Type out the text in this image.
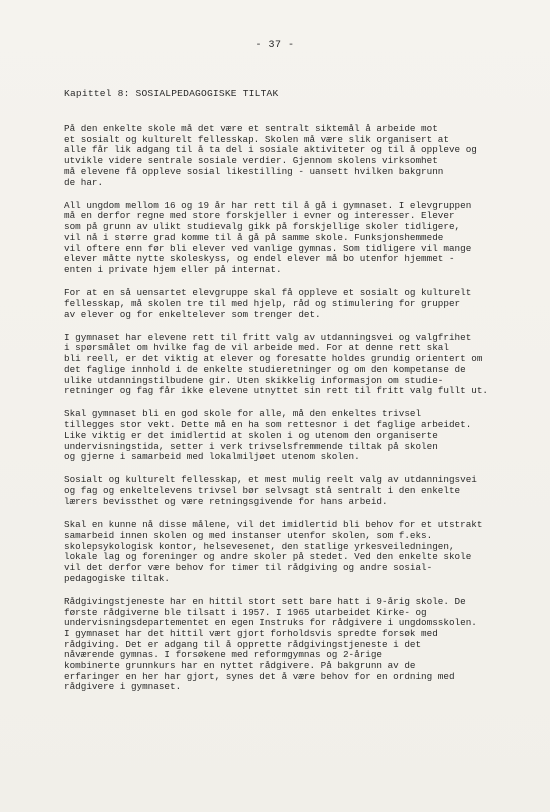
- 37 -
Kapittel 8: SOSIALPEDAGOGISKE TILTAK

På den enkelte skole må det være et sentralt siktemål å arbeide mot
et sosialt og kulturelt fellesskap. Skolen må være slik organisert at
alle får lik adgang til å ta del i sosiale aktiviteter og til å oppleve og
utvikle videre sentrale sosiale verdier. Gjennom skolens virksomhet
må elevene få oppleve sosial likestilling - uansett hvilken bakgrunn
de har.

All ungdom mellom 16 og 19 år har rett til å gå i gymnaset. I elevgruppen
må en derfor regne med store forskjeller i evner og interesser. Elever
som på grunn av ulikt studievalg gikk på forskjellige skoler tidligere,
vil nå i større grad komme til å gå på samme skole. Funksjonshemmede
vil oftere enn før bli elever ved vanlige gymnas. Som tidligere vil mange
elever måtte nytte skoleskyss, og endel elever må bo utenfor hjemmet -
enten i private hjem eller på internat.

For at en så uensartet elevgruppe skal få oppleve et sosialt og kulturelt
fellesskap, må skolen tre til med hjelp, råd og stimulering for grupper
av elever og for enkeltelever som trenger det.

I gymnaset har elevene rett til fritt valg av utdanningsvei og valgfrihet
i spørsmålet om hvilke fag de vil arbeide med. For at denne rett skal
bli reell, er det viktig at elever og foresatte holdes grundig orientert om
det faglige innhold i de enkelte studieretninger og om den kompetanse de
ulike utdanningstilbudene gir. Uten skikkelig informasjon om studie-
retninger og fag får ikke elevene utnyttet sin rett til fritt valg fullt ut.

Skal gymnaset bli en god skole for alle, må den enkeltes trivsel
tillegges stor vekt. Dette må en ha som rettesnor i det faglige arbeidet.
Like viktig er det imidlertid at skolen i og utenom den organiserte
undervisningstida, setter i verk trivselsfremmende tiltak på skolen
og gjerne i samarbeid med lokalmiljøet utenom skolen.

Sosialt og kulturelt fellesskap, et mest mulig reelt valg av utdanningsvei
og fag og enkeltelevens trivsel bør selvsagt stå sentralt i den enkelte
lærers bevissthet og være retningsgivende for hans arbeid.

Skal en kunne nå disse målene, vil det imidlertid bli behov for et utstrakt
samarbeid innen skolen og med instanser utenfor skolen, som f.eks.
skolepsykologisk kontor, helsevesenet, den statlige yrkesveiledningen,
lokale lag og foreninger og andre skoler på stedet. Ved den enkelte skole
vil det derfor være behov for timer til rådgiving og andre sosial-
pedagogiske tiltak.

Rådgivingstjeneste har en hittil stort sett bare hatt i 9-årig skole. De
første rådgiverne ble tilsatt i 1957. I 1965 utarbeidet Kirke- og
undervisningsdepartementet en egen Instruks for rådgivere i ungdomsskolen.
I gymnaset har det hittil vært gjort forholdsvis spredte forsøk med
rådgiving. Det er adgang til å opprette rådgivingstjeneste i det
nåværende gymnas. I forsøkene med reformgymnas og 2-årige
kombinerte grunnkurs har en nyttet rådgivere. På bakgrunn av de
erfaringer en her har gjort, synes det å være behov for en ordning med
rådgivere i gymnaset.
